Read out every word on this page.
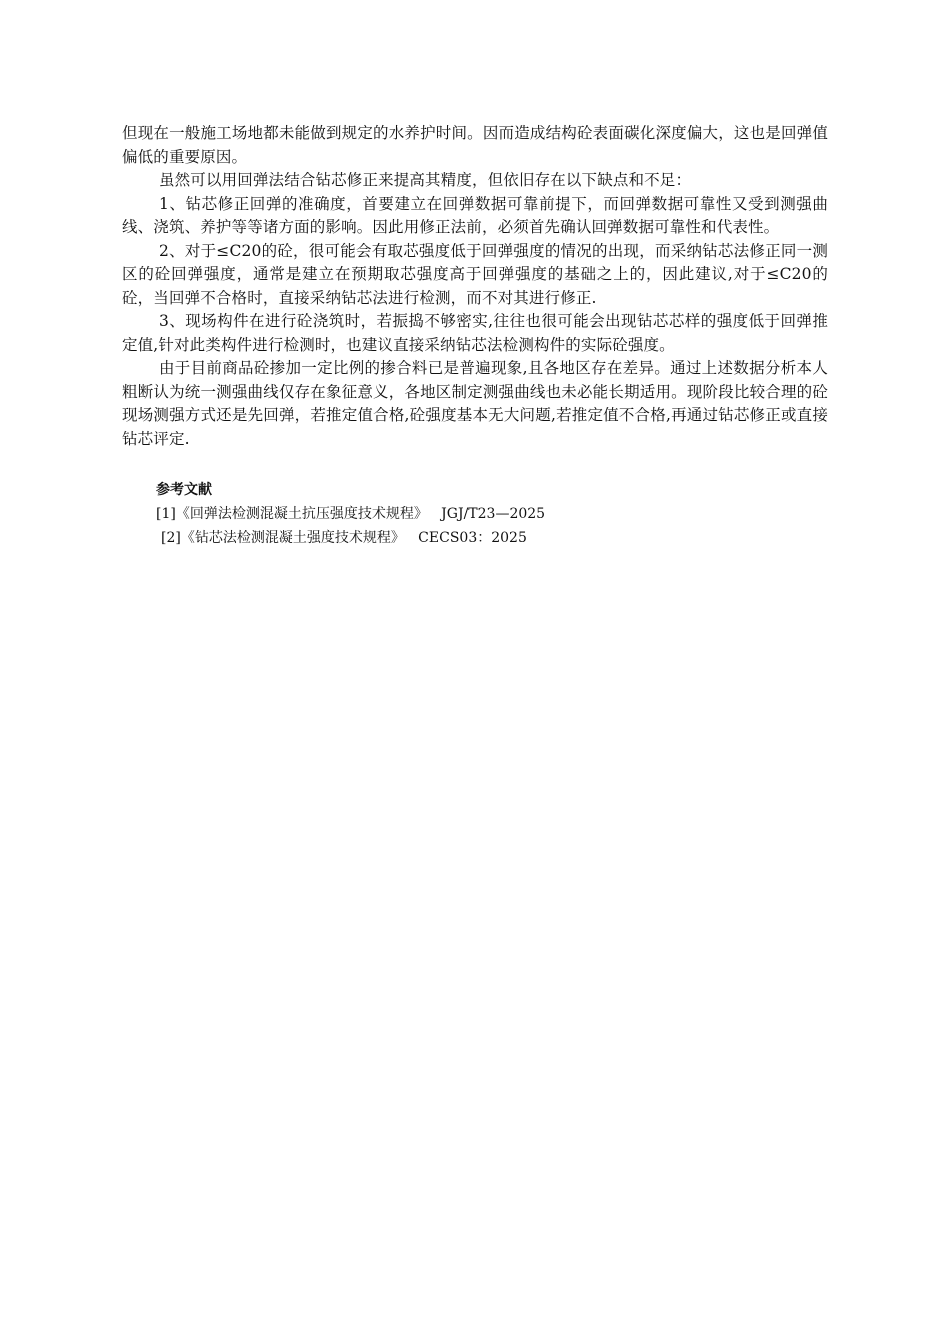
但现在一般施工场地都未能做到规定的水养护时间。因而造成结构砼表面碳化深度偏大，这也是回弹值偏低的重要原因。

虽然可以用回弹法结合钻芯修正来提高其精度，但依旧存在以下缺点和不足：

1、钻芯修正回弹的准确度，首要建立在回弹数据可靠前提下，而回弹数据可靠性又受到测强曲线、浇筑、养护等等诸方面的影响。因此用修正法前，必须首先确认回弹数据可靠性和代表性。

2、对于≤C20的砼，很可能会有取芯强度低于回弹强度的情况的出现，而采纳钻芯法修正同一测区的砼回弹强度，通常是建立在预期取芯强度高于回弹强度的基础之上的，因此建议,对于≤C20的砼，当回弹不合格时，直接采纳钻芯法进行检测，而不对其进行修正.

3、现场构件在进行砼浇筑时，若振捣不够密实,往往也很可能会出现钻芯芯样的强度低于回弹推定值,针对此类构件进行检测时，也建议直接采纳钻芯法检测构件的实际砼强度。

由于目前商品砼掺加一定比例的掺合料已是普遍现象,且各地区存在差异。通过上述数据分析本人粗断认为统一测强曲线仅存在象征意义，各地区制定测强曲线也未必能长期适用。现阶段比较合理的砼现场测强方式还是先回弹，若推定值合格,砼强度基本无大问题,若推定值不合格,再通过钻芯修正或直接钻芯评定.

参考文献

[1]《回弹法检测混凝土抗压强度技术规程》   JGJ/T23—2025

[2]《钻芯法检测混凝土强度技术规程》   CECS03：2025
